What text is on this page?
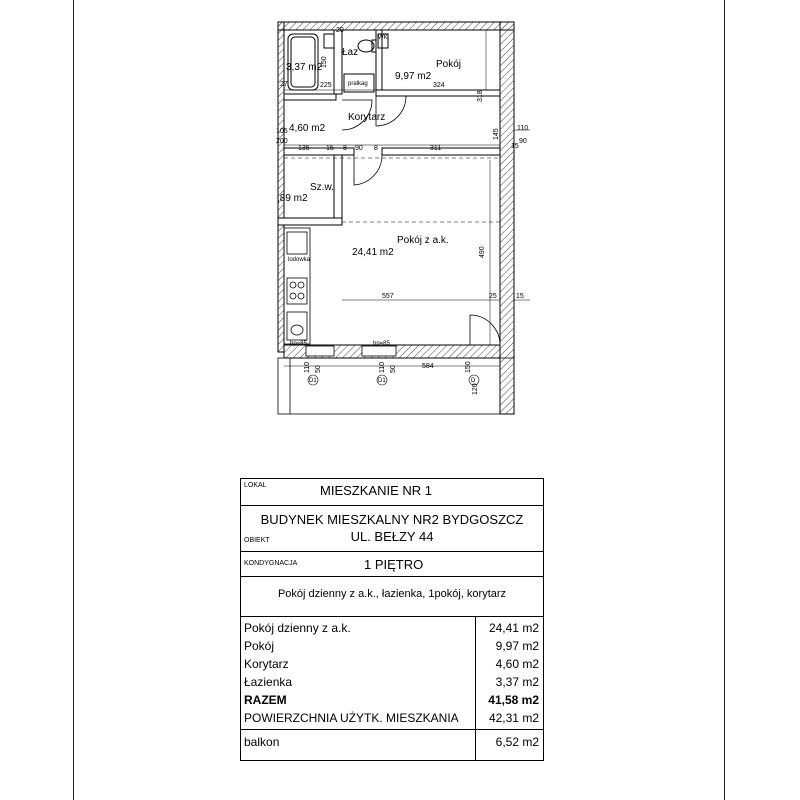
Łaz
3,37 m2	Pokój
9,97 m2
Korytarz
4,60 m2
Sz.w.
,89 m2
Pokój z a.k.
24,41 m2
pralkag
lodowka
WK
hp=85	hp=85
150
225	324
318
105
200
135 15 8 90 8	311
145 110
90
15
490
557	25	15
110 50	110 50	584	150
120
27
20
D1	D1	D
LOKAL	MIESZKANIE NR 1
BUDYNEK MIESZKALNY NR2 BYDGOSZCZ
UL. BEŁZY 44
OBIEKT
KONDYGNACJA	1 PIĘTRO
Pokój dzienny z a.k., łazienka, 1pokój, korytarz
Pokój dzienny z a.k.	24,41 m2
Pokój	9,97 m2
Korytarz	4,60 m2
Łazienka	3,37 m2
RAZEM	41,58 m2
POWIERZCHNIA UŻYTK. MIESZKANIA	42,31 m2
balkon	6,52 m2
